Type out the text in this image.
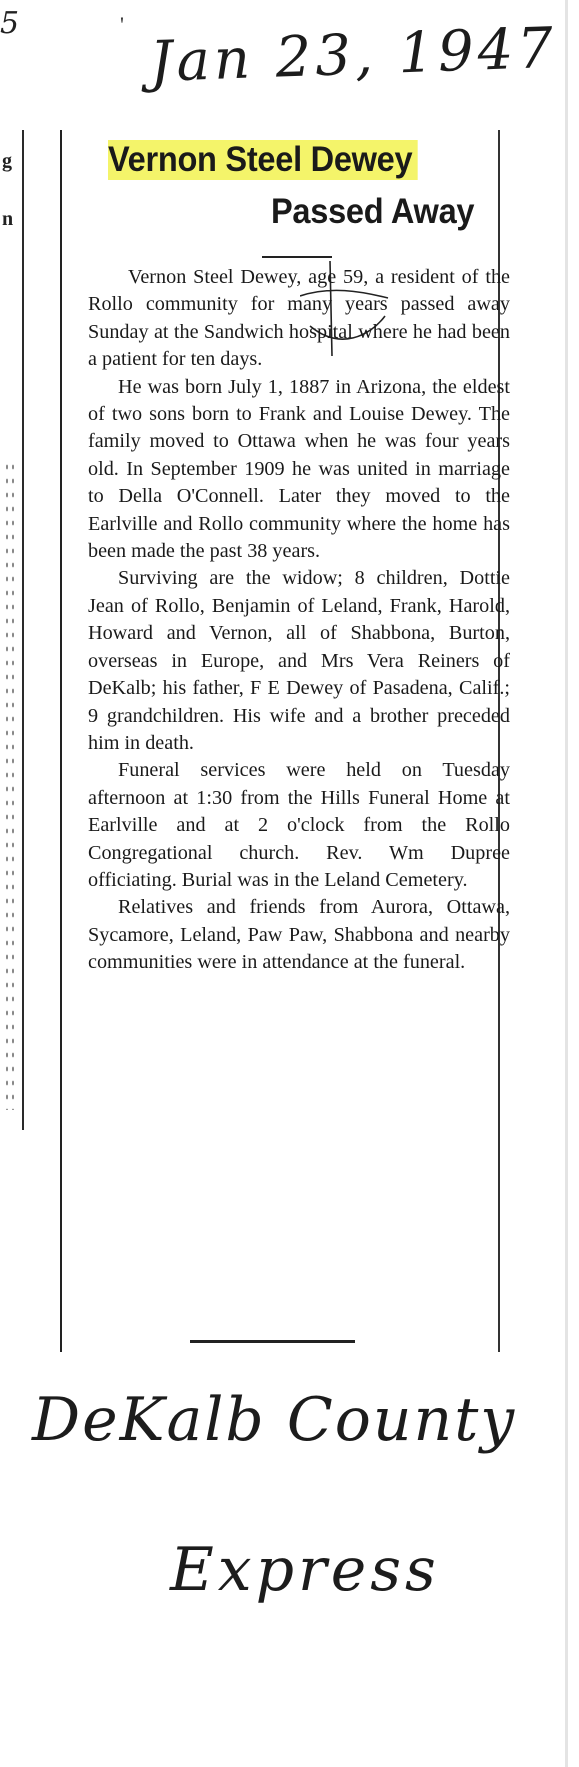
5	' Jan 23, 1947
g
n
Vernon Steel Dewey
Passed Away

Vernon Steel Dewey, age 59, a resident of the Rollo community for many years passed away Sunday at the Sandwich hospital where he had been a patient for ten days.

He was born July 1, 1887 in Arizona, the eldest of two sons born to Frank and Louise Dewey. The family moved to Ottawa when he was four years old. In September 1909 he was united in marriage to Della O'Connell. Later they moved to the Earlville and Rollo community where the home has been made the past 38 years.

Surviving are the widow; 8 children, Dottie Jean of Rollo, Benjamin of Leland, Frank, Harold, Howard and Vernon, all of Shabbona, Burton, overseas in Europe, and Mrs Vera Reiners of DeKalb; his father, F E Dewey of Pasadena, Calif.; 9 grandchildren. His wife and a brother preceded him in death.

Funeral services were held on Tuesday afternoon at 1:30 from the Hills Funeral Home at Earlville and at 2 o'clock from the Rollo Congregational church. Rev. Wm Dupree officiating. Burial was in the Leland Cemetery.

Relatives and friends from Aurora, Ottawa, Sycamore, Leland, Paw Paw, Shabbona and nearby communities were in attendance at the funeral.

DeKalb County
Express
